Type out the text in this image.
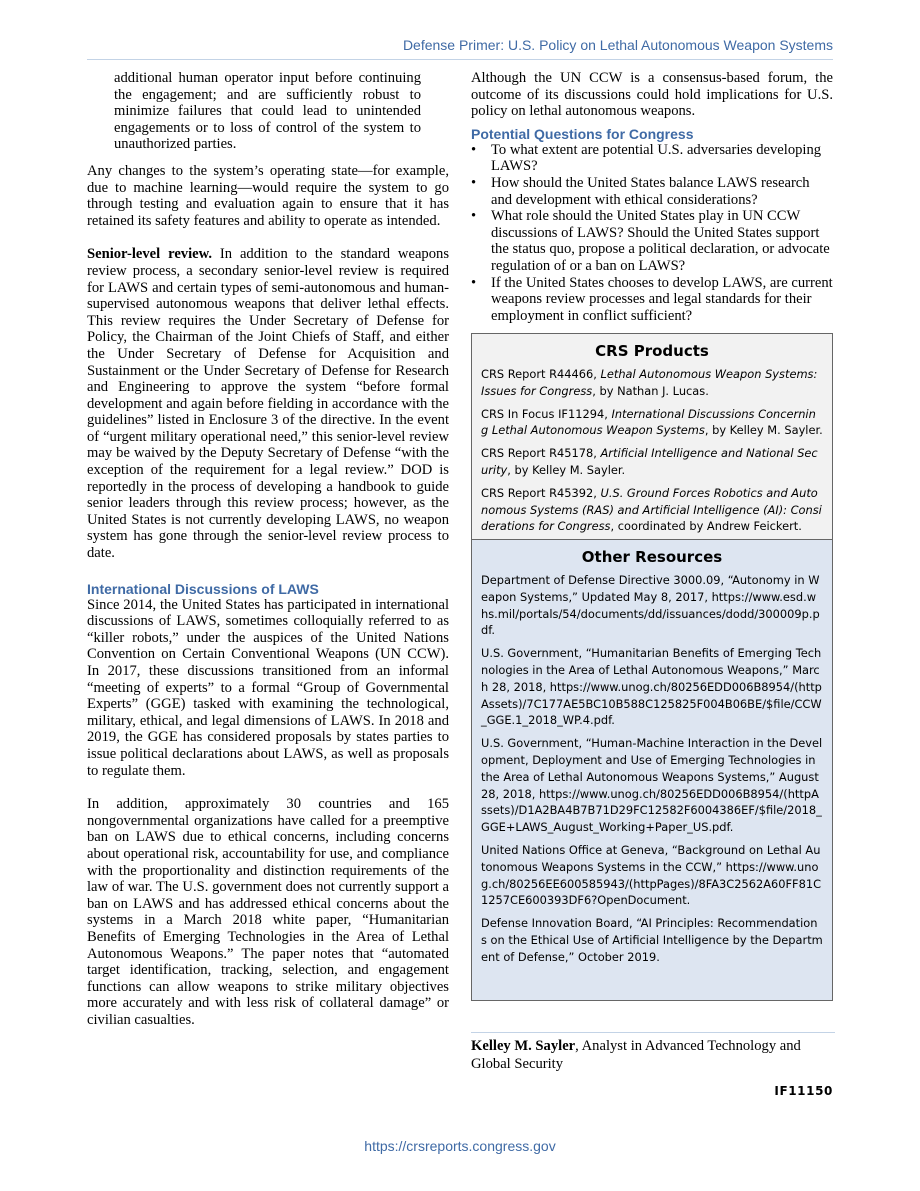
Defense Primer: U.S. Policy on Lethal Autonomous Weapon Systems

additional human operator input before continuing the engagement; and are sufficiently robust to minimize failures that could lead to unintended engagements or to loss of control of the system to unauthorized parties.

Any changes to the system’s operating state—for example, due to machine learning—would require the system to go through testing and evaluation again to ensure that it has retained its safety features and ability to operate as intended.

Senior-level review. In addition to the standard weapons review process, a secondary senior-level review is required for LAWS and certain types of semi-autonomous and human-supervised autonomous weapons that deliver lethal effects. This review requires the Under Secretary of Defense for Policy, the Chairman of the Joint Chiefs of Staff, and either the Under Secretary of Defense for Acquisition and Sustainment or the Under Secretary of Defense for Research and Engineering to approve the system “before formal development and again before fielding in accordance with the guidelines” listed in Enclosure 3 of the directive. In the event of “urgent military operational need,” this senior-level review may be waived by the Deputy Secretary of Defense “with the exception of the requirement for a legal review.” DOD is reportedly in the process of developing a handbook to guide senior leaders through this review process; however, as the United States is not currently developing LAWS, no weapon system has gone through the senior-level review process to date.

International Discussions of LAWS

Since 2014, the United States has participated in international discussions of LAWS, sometimes colloquially referred to as “killer robots,” under the auspices of the United Nations Convention on Certain Conventional Weapons (UN CCW). In 2017, these discussions transitioned from an informal “meeting of experts” to a formal “Group of Governmental Experts” (GGE) tasked with examining the technological, military, ethical, and legal dimensions of LAWS. In 2018 and 2019, the GGE has considered proposals by states parties to issue political declarations about LAWS, as well as proposals to regulate them.

In addition, approximately 30 countries and 165 nongovernmental organizations have called for a preemptive ban on LAWS due to ethical concerns, including concerns about operational risk, accountability for use, and compliance with the proportionality and distinction requirements of the law of war. The U.S. government does not currently support a ban on LAWS and has addressed ethical concerns about the systems in a March 2018 white paper, “Humanitarian Benefits of Emerging Technologies in the Area of Lethal Autonomous Weapons.” The paper notes that “automated target identification, tracking, selection, and engagement functions can allow weapons to strike military objectives more accurately and with less risk of collateral damage” or civilian casualties.

Although the UN CCW is a consensus-based forum, the outcome of its discussions could hold implications for U.S. policy on lethal autonomous weapons.

Potential Questions for Congress
• To what extent are potential U.S. adversaries developing LAWS?
• How should the United States balance LAWS research and development with ethical considerations?
• What role should the United States play in UN CCW discussions of LAWS? Should the United States support the status quo, propose a political declaration, or advocate regulation of or a ban on LAWS?
• If the United States chooses to develop LAWS, are current weapons review processes and legal standards for their employment in conflict sufficient?
CRS Products
CRS Report R44466, Lethal Autonomous Weapon Systems: Issues for Congress, by Nathan J. Lucas.
CRS In Focus IF11294, International Discussions Concerning Lethal Autonomous Weapon Systems, by Kelley M. Sayler.
CRS Report R45178, Artificial Intelligence and National Security, by Kelley M. Sayler.
CRS Report R45392, U.S. Ground Forces Robotics and Autonomous Systems (RAS) and Artificial Intelligence (AI): Considerations for Congress, coordinated by Andrew Feickert.
Other Resources
Department of Defense Directive 3000.09, “Autonomy in Weapon Systems,” Updated May 8, 2017, https://www.esd.whs.mil/portals/54/documents/dd/issuances/dodd/300009p.pdf.
U.S. Government, “Humanitarian Benefits of Emerging Technologies in the Area of Lethal Autonomous Weapons,” March 28, 2018, https://www.unog.ch/80256EDD006B8954/(httpAssets)/7C177AE5BC10B588C125825F004B06BE/$file/CCW_GGE.1_2018_WP.4.pdf.
U.S. Government, “Human-Machine Interaction in the Development, Deployment and Use of Emerging Technologies in the Area of Lethal Autonomous Weapons Systems,” August 28, 2018, https://www.unog.ch/80256EDD006B8954/(httpAssets)/D1A2BA4B7B71D29FC12582F6004386EF/$file/2018_GGE+LAWS_August_Working+Paper_US.pdf.
United Nations Office at Geneva, “Background on Lethal Autonomous Weapons Systems in the CCW,” https://www.unog.ch/80256EE600585943/(httpPages)/8FA3C2562A60FF81C1257CE600393DF6?OpenDocument.
Defense Innovation Board, “AI Principles: Recommendations on the Ethical Use of Artificial Intelligence by the Department of Defense,” October 2019.
Kelley M. Sayler, Analyst in Advanced Technology and Global Security
IF11150
https://crsreports.congress.gov
